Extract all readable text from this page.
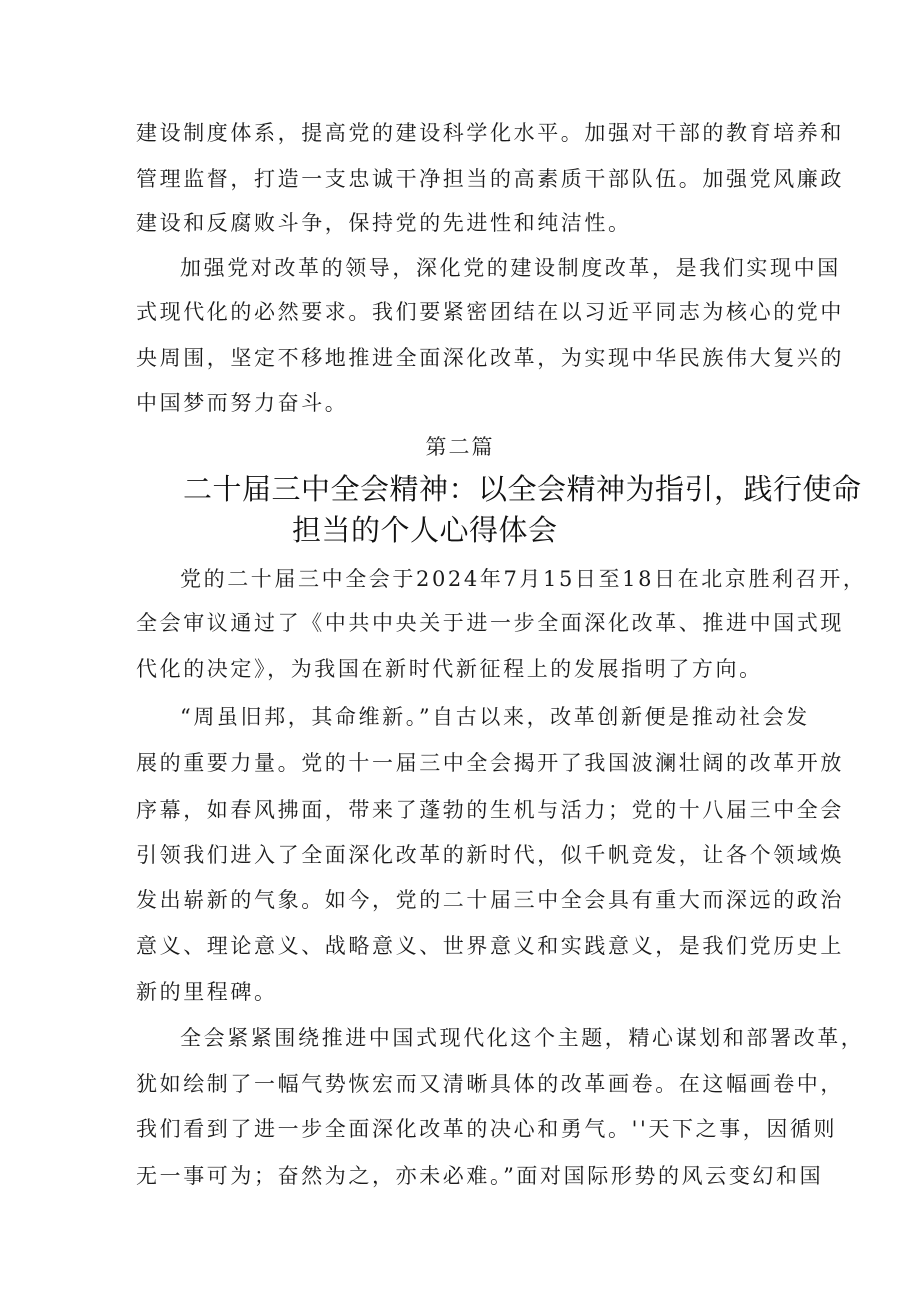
建设制度体系，提高党的建设科学化水平。加强对干部的教育培养和
管理监督，打造一支忠诚干净担当的高素质干部队伍。加强党风廉政
建设和反腐败斗争，保持党的先进性和纯洁性。
加强党对改革的领导，深化党的建设制度改革，是我们实现中国
式现代化的必然要求。我们要紧密团结在以习近平同志为核心的党中
央周围，坚定不移地推进全面深化改革，为实现中华民族伟大复兴的
中国梦而努力奋斗。
第二篇
二十届三中全会精神：以全会精神为指引，践行使命
担当的个人心得体会
党的二十届三中全会于2024年7月15日至18日在北京胜利召开，
全会审议通过了《中共中央关于进一步全面深化改革、推进中国式现
代化的决定》，为我国在新时代新征程上的发展指明了方向。
“周虽旧邦，其命维新。”自古以来，改革创新便是推动社会发
展的重要力量。党的十一届三中全会揭开了我国波澜壮阔的改革开放
序幕，如春风拂面，带来了蓬勃的生机与活力；党的十八届三中全会
引领我们进入了全面深化改革的新时代，似千帆竞发，让各个领域焕
发出崭新的气象。如今，党的二十届三中全会具有重大而深远的政治
意义、理论意义、战略意义、世界意义和实践意义，是我们党历史上
新的里程碑。
全会紧紧围绕推进中国式现代化这个主题，精心谋划和部署改革，
犹如绘制了一幅气势恢宏而又清晰具体的改革画卷。在这幅画卷中，
我们看到了进一步全面深化改革的决心和勇气。''天下之事，因循则
无一事可为；奋然为之，亦未必难。”面对国际形势的风云变幻和国
